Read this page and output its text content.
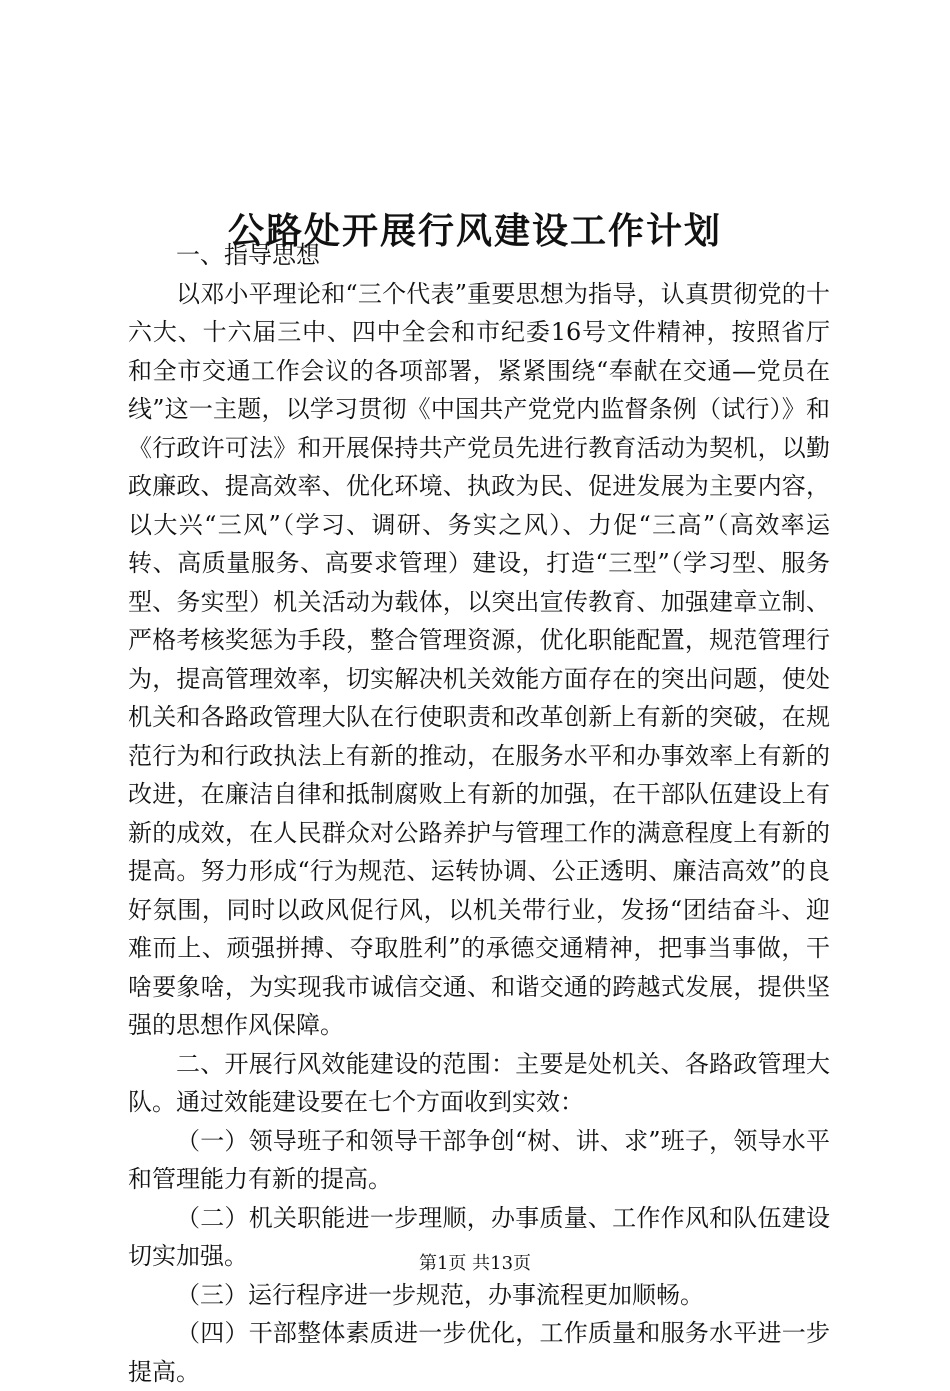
公路处开展行风建设工作计划

一、指导思想

以邓小平理论和“三个代表”重要思想为指导，认真贯彻党的十六大、十六届三中、四中全会和市纪委16号文件精神，按照省厅和全市交通工作会议的各项部署，紧紧围绕“奉献在交通—党员在线”这一主题，以学习贯彻《中国共产党党内监督条例（试行）》和《行政许可法》和开展保持共产党员先进行教育活动为契机，以勤政廉政、提高效率、优化环境、执政为民、促进发展为主要内容，以大兴“三风”（学习、调研、务实之风）、力促“三高”（高效率运转、高质量服务、高要求管理）建设，打造“三型”（学习型、服务型、务实型）机关活动为载体，以突出宣传教育、加强建章立制、严格考核奖惩为手段，整合管理资源，优化职能配置，规范管理行为，提高管理效率，切实解决机关效能方面存在的突出问题，使处机关和各路政管理大队在行使职责和改革创新上有新的突破，在规范行为和行政执法上有新的推动，在服务水平和办事效率上有新的改进，在廉洁自律和抵制腐败上有新的加强，在干部队伍建设上有新的成效，在人民群众对公路养护与管理工作的满意程度上有新的提高。努力形成“行为规范、运转协调、公正透明、廉洁高效”的良好氛围，同时以政风促行风，以机关带行业，发扬“团结奋斗、迎难而上、顽强拼搏、夺取胜利”的承德交通精神，把事当事做，干啥要象啥，为实现我市诚信交通、和谐交通的跨越式发展，提供坚强的思想作风保障。

二、开展行风效能建设的范围：主要是处机关、各路政管理大队。通过效能建设要在七个方面收到实效：

（一）领导班子和领导干部争创“树、讲、求”班子，领导水平和管理能力有新的提高。

（二）机关职能进一步理顺，办事质量、工作作风和队伍建设切实加强。

（三）运行程序进一步规范，办事流程更加顺畅。

（四）干部整体素质进一步优化，工作质量和服务水平进一步提高。

第1页 共13页
